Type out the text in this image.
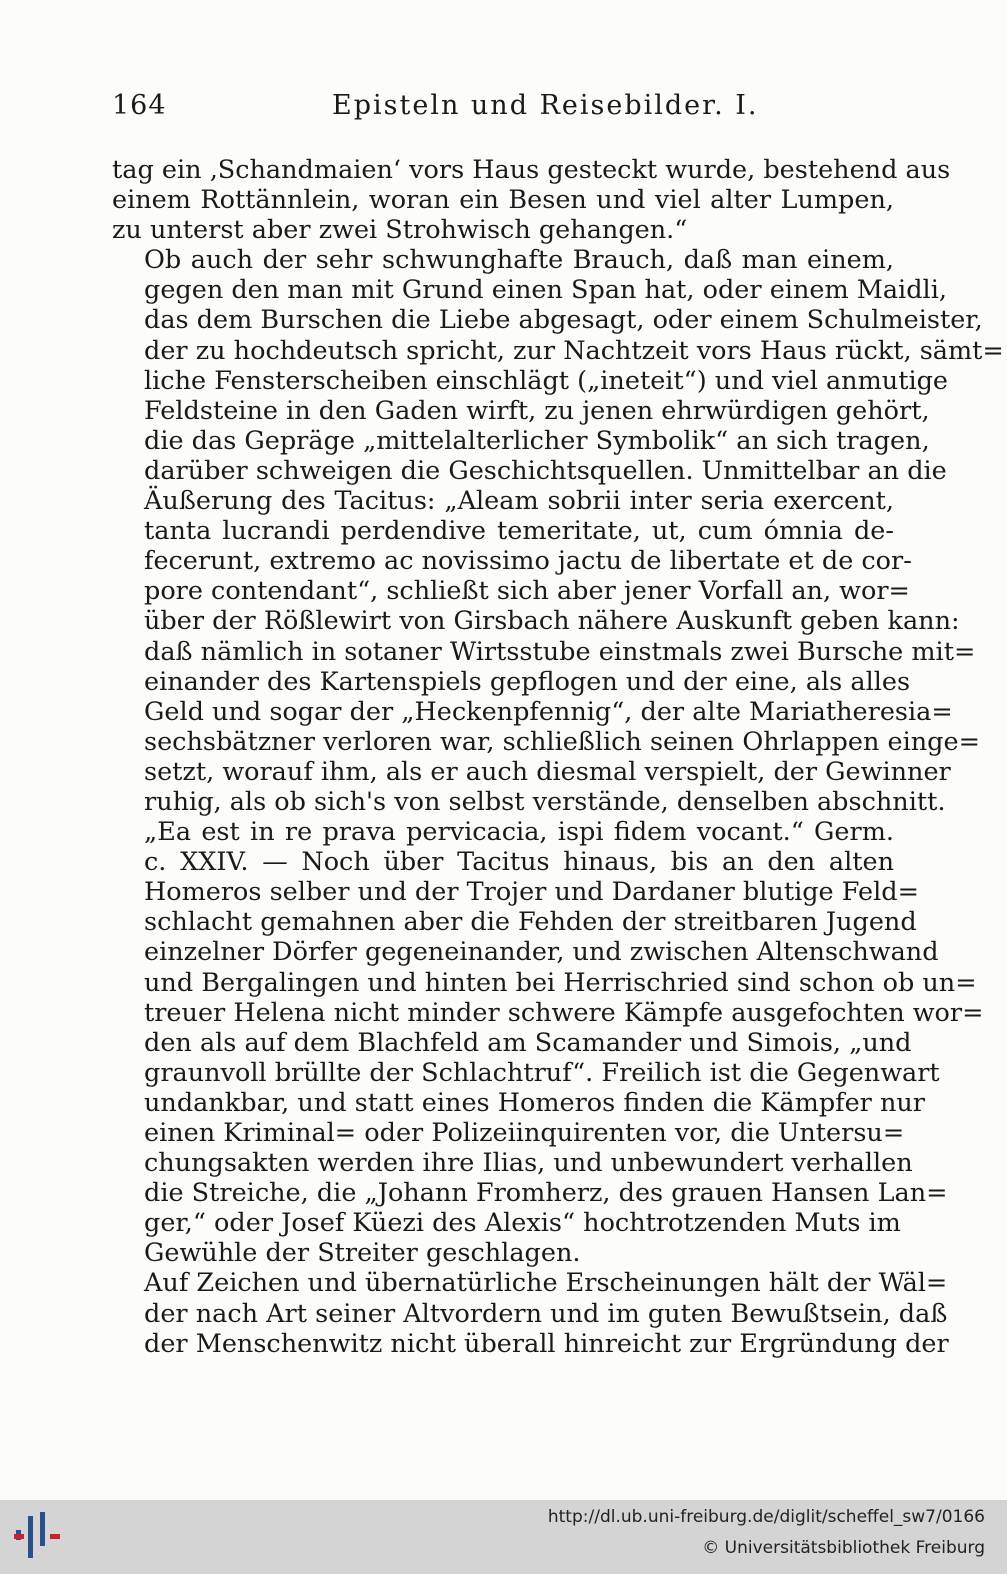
164	Episteln und Reisebilder. I.

tag ein ‚Schandmaien‘ vors Haus gesteckt wurde, bestehend aus
einem Rottännlein, woran ein Besen und viel alter Lumpen,
zu unterst aber zwei Strohwisch gehangen.“

Ob auch der sehr schwunghafte Brauch, daß man einem,
gegen den man mit Grund einen Span hat, oder einem Maidli,
das dem Burschen die Liebe abgesagt, oder einem Schulmeister,
der zu hochdeutsch spricht, zur Nachtzeit vors Haus rückt, sämt=
liche Fensterscheiben einschlägt („ineteit“) und viel anmutige
Feldsteine in den Gaden wirft, zu jenen ehrwürdigen gehört,
die das Gepräge „mittelalterlicher Symbolik“ an sich tragen,
darüber schweigen die Geschichtsquellen. Unmittelbar an die
Äußerung des Tacitus: „Aleam sobrii inter seria exercent,
tanta lucrandi perdendive temeritate, ut, cum ómnia de-
fecerunt, extremo ac novissimo jactu de libertate et de cor-
pore contendant“, schließt sich aber jener Vorfall an, wor=
über der Rößlewirt von Girsbach nähere Auskunft geben kann:
daß nämlich in sotaner Wirtsstube einstmals zwei Bursche mit=
einander des Kartenspiels gepflogen und der eine, als alles
Geld und sogar der „Heckenpfennig“, der alte Mariatheresia=
sechsbätzner verloren war, schließlich seinen Ohrlappen einge=
setzt, worauf ihm, als er auch diesmal verspielt, der Gewinner
ruhig, als ob sich's von selbst verstände, denselben abschnitt.
„Ea est in re prava pervicacia, ispi fidem vocant.“ Germ.
c. XXIV. — Noch über Tacitus hinaus, bis an den alten
Homeros selber und der Trojer und Dardaner blutige Feld=
schlacht gemahnen aber die Fehden der streitbaren Jugend
einzelner Dörfer gegeneinander, und zwischen Altenschwand
und Bergalingen und hinten bei Herrischried sind schon ob un=
treuer Helena nicht minder schwere Kämpfe ausgefochten wor=
den als auf dem Blachfeld am Scamander und Simois, „und
graunvoll brüllte der Schlachtruf“. Freilich ist die Gegenwart
undankbar, und statt eines Homeros finden die Kämpfer nur
einen Kriminal= oder Polizeiinquirenten vor, die Untersu=
chungsakten werden ihre Ilias, und unbewundert verhallen
die Streiche, die „Johann Fromherz, des grauen Hansen Lan=
ger,“ oder Josef Küezi des Alexis“ hochtrotzenden Muts im
Gewühle der Streiter geschlagen.

Auf Zeichen und übernatürliche Erscheinungen hält der Wäl=
der nach Art seiner Altvordern und im guten Bewußtsein, daß
der Menschenwitz nicht überall hinreicht zur Ergründung der

http://dl.ub.uni-freiburg.de/diglit/scheffel_sw7/0166
© Universitätsbibliothek Freiburg
